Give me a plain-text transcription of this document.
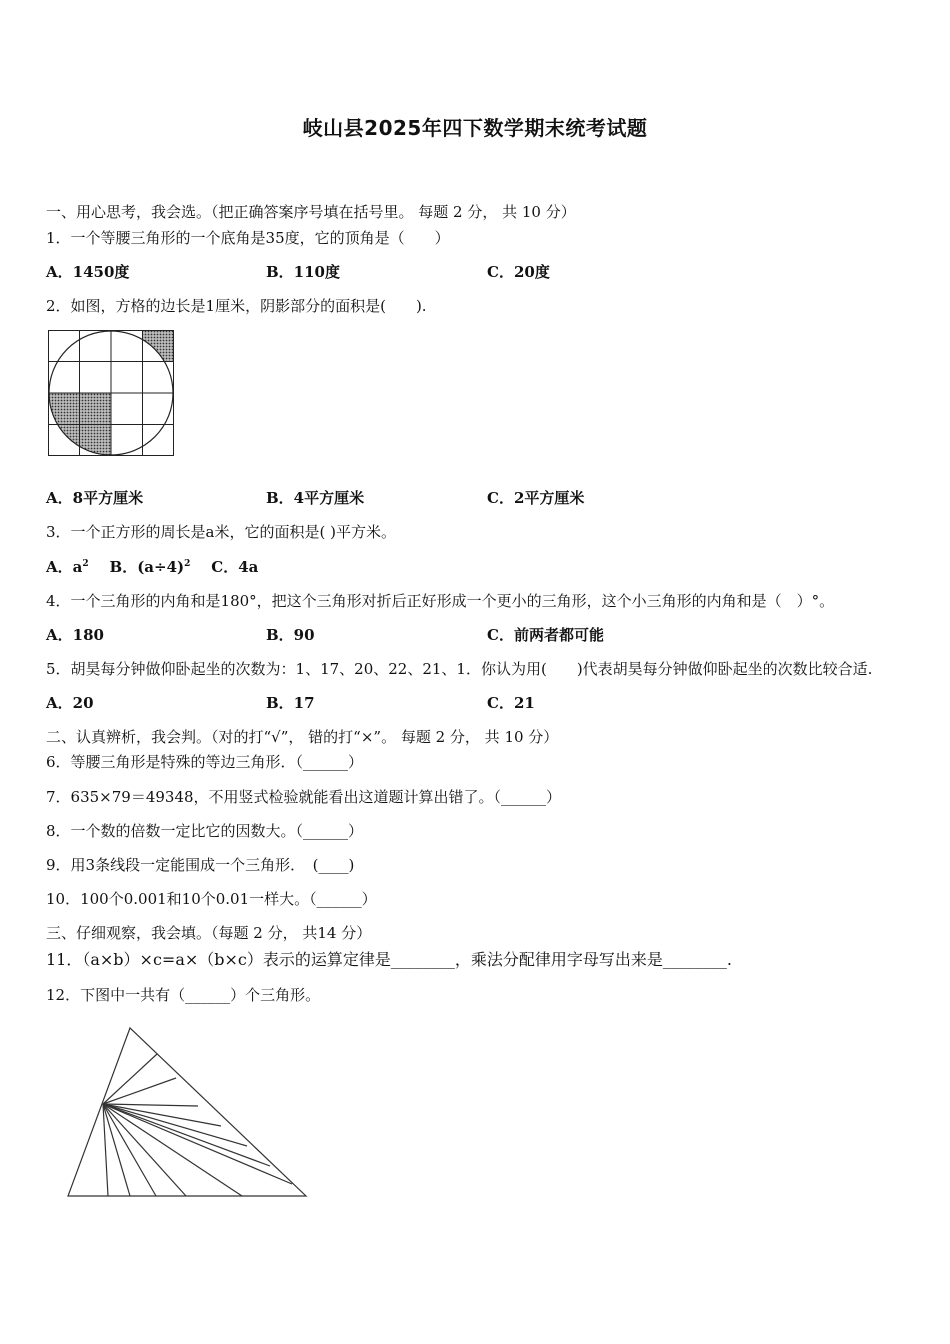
岐山县2025年四下数学期末统考试题
一、用心思考，我会选。（把正确答案序号填在括号里。 每题 2 分， 共 10 分）
1．一个等腰三角形的一个底角是35度，它的顶角是（　　）
A．1450度	B．110度	C．20度
2．如图，方格的边长是1厘米，阴影部分的面积是(　　).
A．8平方厘米	B．4平方厘米	C．2平方厘米
3．一个正方形的周长是a米，它的面积是( )平方米。
A．$a^2$ B．$(a\div 4)^2$ C．4a
4．一个三角形的内角和是180°，把这个三角形对折后正好形成一个更小的三角形，这个小三角形的内角和是（　）°。
A．180	B．90	C．前两者都可能
5．胡昊每分钟做仰卧起坐的次数为：1、17、20、22、21、1．你认为用(　　)代表胡昊每分钟做仰卧起坐的次数比较合适.
A．20	B．17	C．21
二、认真辨析，我会判。（对的打“√”， 错的打“×”。 每题 2 分， 共 10 分）
6．等腰三角形是特殊的等边三角形．（______）
7．635×79＝49348，不用竖式检验就能看出这道题计算出错了。（______）
8．一个数的倍数一定比它的因数大。（______）
9．用3条线段一定能围成一个三角形．　(____)
10．100个0.001和10个0.01一样大。（______）
三、仔细观察，我会填。（每题 2 分， 共14 分）
11．（a×b）×c=a×（b×c）表示的运算定律是________，乘法分配律用字母写出来是________.
12．下图中一共有（______）个三角形。
